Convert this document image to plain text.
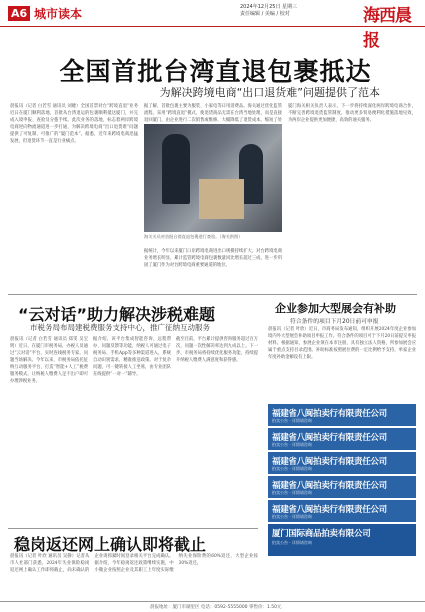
A6 城市读本	2024年12月25日 星期三
责任编辑 / 美编 / 校对	海西晨报
全国首批台湾直退包裹抵达
为解决跨境电商“出口退货难”问题提供了范本
晨报讯（记者 白若雪 通讯员 刘婕）全国首票对台“跨境直退”业务近日在厦门顺利落地，首批从台湾退运的包裹顺利抵达厦门，并完成入境申报、查验及分拨手续。此次业务的落地，标志着两岸跨境电商逆向物流通道进一步打通，为解决跨境电商“出口退货难”问题提供了可复制、可推广的“厦门范本”。据悉，近年来跨境电商迅猛发展，但退货环节一直是行业痛点。
据了解，首批包裹主要为服装、小家电等日用消费品。海关通过优化监管流程，采用“跨境直退”模式，使退货商品无需在台湾当地处理，而是直接退回厦门，由企业进行二次销售或维修，大幅降低了退货成本，缩短了处
海关关员对首批台湾直退包裹进行查验。（海关供图）
据统计，今年以来厦门口岸跨境电商进出口规模持续扩大，对台跨境电商业务增长明显，累计监管跨境电商包裹数量同比增长超过三成，进一步巩固了厦门作为对台跨境电商重要通道的地位。
厦门海关相关负责人表示，下一步将持续深化两岸跨境电商合作，不断完善跨境退货监管制度，推动更多贸易便利化措施落地见效，为两岸企业提供更加便捷、高效的通关服务。
“云对话”助力解决涉税难题
市税务局布局建税费服务支持中心，推广征纳互动服务
晨报讯（记者 白若雪 通讯员 郑雯 吴宝明）近日，在厦门市税务局，办税人员通过“云对话”平台，实时连线税务专家，问题当场解决。今年以来，市税务局依托征纳互动服务平台，打造“智能+人工”税费服务模式，让纳税人缴费人足不出户即可办理涉税业务。
据介绍，该平台集成智能咨询、远程帮办、问题反馈等功能，纳税人可通过电子税务局、手机App等多种渠道进入，系统自动识别需求，精准推送政策。对于复杂问题，可一键转接人工坐席，由专业团队在线提供“一对一”辅导。
截至目前，平台累计提供咨询服务超过百万次，问题一次性解决率达到九成以上。下一步，市税务局将持续优化服务功能，持续提升纳税人缴费人满意度和获得感。
企业参加大型展会有补助
符合条件的项目下月20日前可申报
晨报讯（记者 叶欣）近日，市商务局发布通知，组织开展2024年度企业参加境内外大型展会补助项目申报工作。符合条件的项目可于下月20日前提交申报材料。根据通知，参展企业须在本市注册，具有独立法人资格，所参加展会应属于重点支持目录范围。补助标准按照展位费的一定比例给予支持，单家企业年度补助金额设有上限。
稳岗返还网上确认即将截止
晨报讯（记者 叶欣 通讯员 吴静）记者从市人社部门获悉，2024年失业保险稳岗返还网上确认工作即将截止，尚未确认的企业请抓紧时间登录相关平台完成确认。据介绍，今年稳岗返还政策继续实施，中小微企业按照企业及其职工上年度实际缴纳失业保险费的60%返还，大型企业按30%返还。
福建省八闽拍卖行有限责任公司
拍卖公告 · 详情请咨询
福建省八闽拍卖行有限责任公司
拍卖公告 · 详情请咨询
福建省八闽拍卖行有限责任公司
拍卖公告 · 详情请咨询
福建省八闽拍卖行有限责任公司
拍卖公告 · 详情请咨询
福建省八闽拍卖行有限责任公司
拍卖公告 · 详情请咨询
厦门国际商品拍卖有限公司
拍卖公告 · 详情请咨询
晨报地址：厦门市湖里区 电话：0592-5555000 零售价：1.50元
